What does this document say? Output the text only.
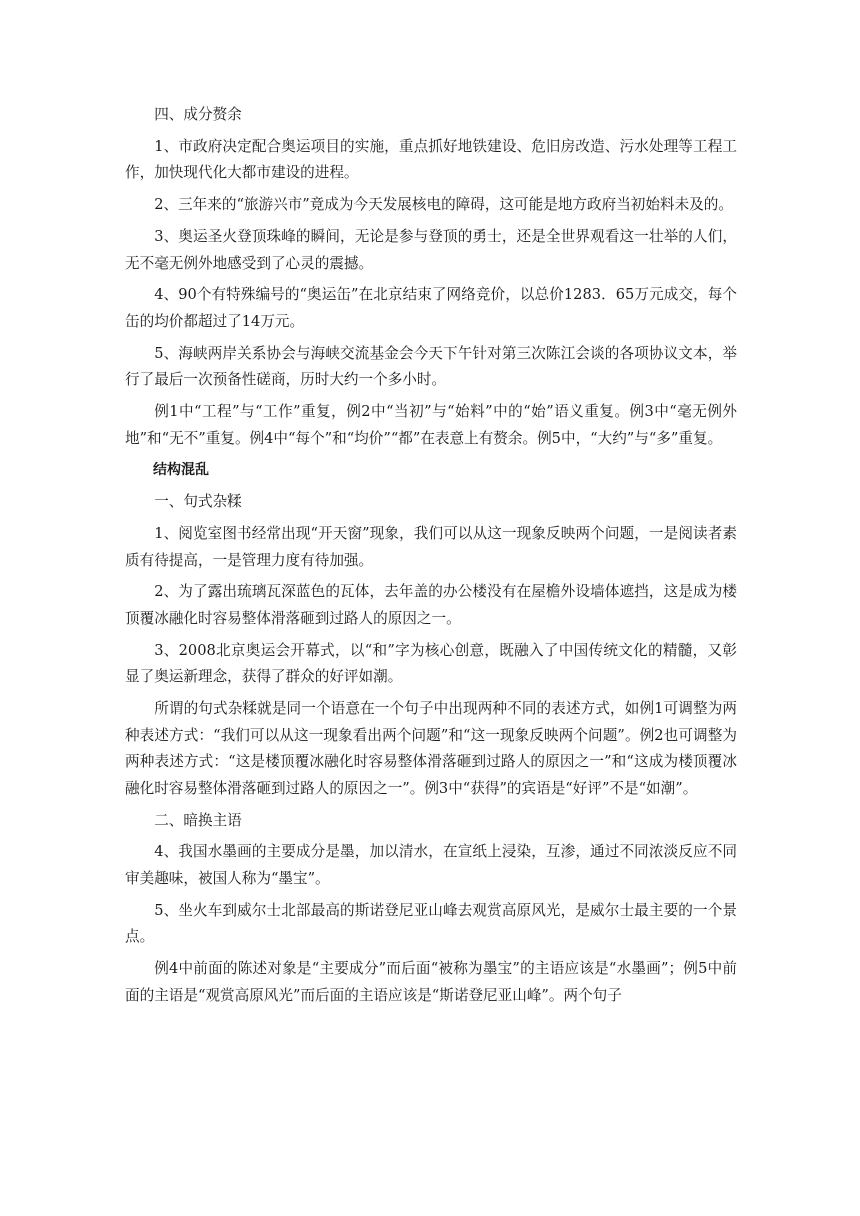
四、成分赘余

1、市政府决定配合奥运项目的实施，重点抓好地铁建设、危旧房改造、污水处理等工程工作，加快现代化大都市建设的进程。

2、三年来的“旅游兴市”竟成为今天发展核电的障碍，这可能是地方政府当初始料未及的。

3、奥运圣火登顶珠峰的瞬间，无论是参与登顶的勇士，还是全世界观看这一壮举的人们，无不毫无例外地感受到了心灵的震撼。

4、90个有特殊编号的“奥运缶”在北京结束了网络竞价，以总价1283．65万元成交，每个缶的均价都超过了14万元。

5、海峡两岸关系协会与海峡交流基金会今天下午针对第三次陈江会谈的各项协议文本，举行了最后一次预备性磋商，历时大约一个多小时。

例1中“工程”与“工作”重复，例2中“当初”与“始料”中的“始”语义重复。例3中“毫无例外地”和“无不”重复。例4中“每个”和“均价”“都”在表意上有赘余。例5中，“大约”与“多”重复。

结构混乱

一、句式杂糅

1、阅览室图书经常出现“开天窗”现象，我们可以从这一现象反映两个问题，一是阅读者素质有待提高，一是管理力度有待加强。

2、为了露出琉璃瓦深蓝色的瓦体，去年盖的办公楼没有在屋檐外设墙体遮挡，这是成为楼顶覆冰融化时容易整体滑落砸到过路人的原因之一。

3、2008北京奥运会开幕式，以“和”字为核心创意，既融入了中国传统文化的精髓，又彰显了奥运新理念，获得了群众的好评如潮。

所谓的句式杂糅就是同一个语意在一个句子中出现两种不同的表述方式，如例1可调整为两种表述方式：“我们可以从这一现象看出两个问题”和“这一现象反映两个问题”。例2也可调整为两种表述方式：“这是楼顶覆冰融化时容易整体滑落砸到过路人的原因之一”和“这成为楼顶覆冰融化时容易整体滑落砸到过路人的原因之一”。例3中“获得”的宾语是“好评”不是“如潮”。

二、暗换主语

4、我国水墨画的主要成分是墨，加以清水，在宣纸上浸染，互渗，通过不同浓淡反应不同审美趣味，被国人称为“墨宝”。

5、坐火车到威尔士北部最高的斯诺登尼亚山峰去观赏高原风光，是威尔士最主要的一个景点。

例4中前面的陈述对象是“主要成分”而后面“被称为墨宝”的主语应该是“水墨画”；例5中前面的主语是“观赏高原风光”而后面的主语应该是“斯诺登尼亚山峰”。两个句子
